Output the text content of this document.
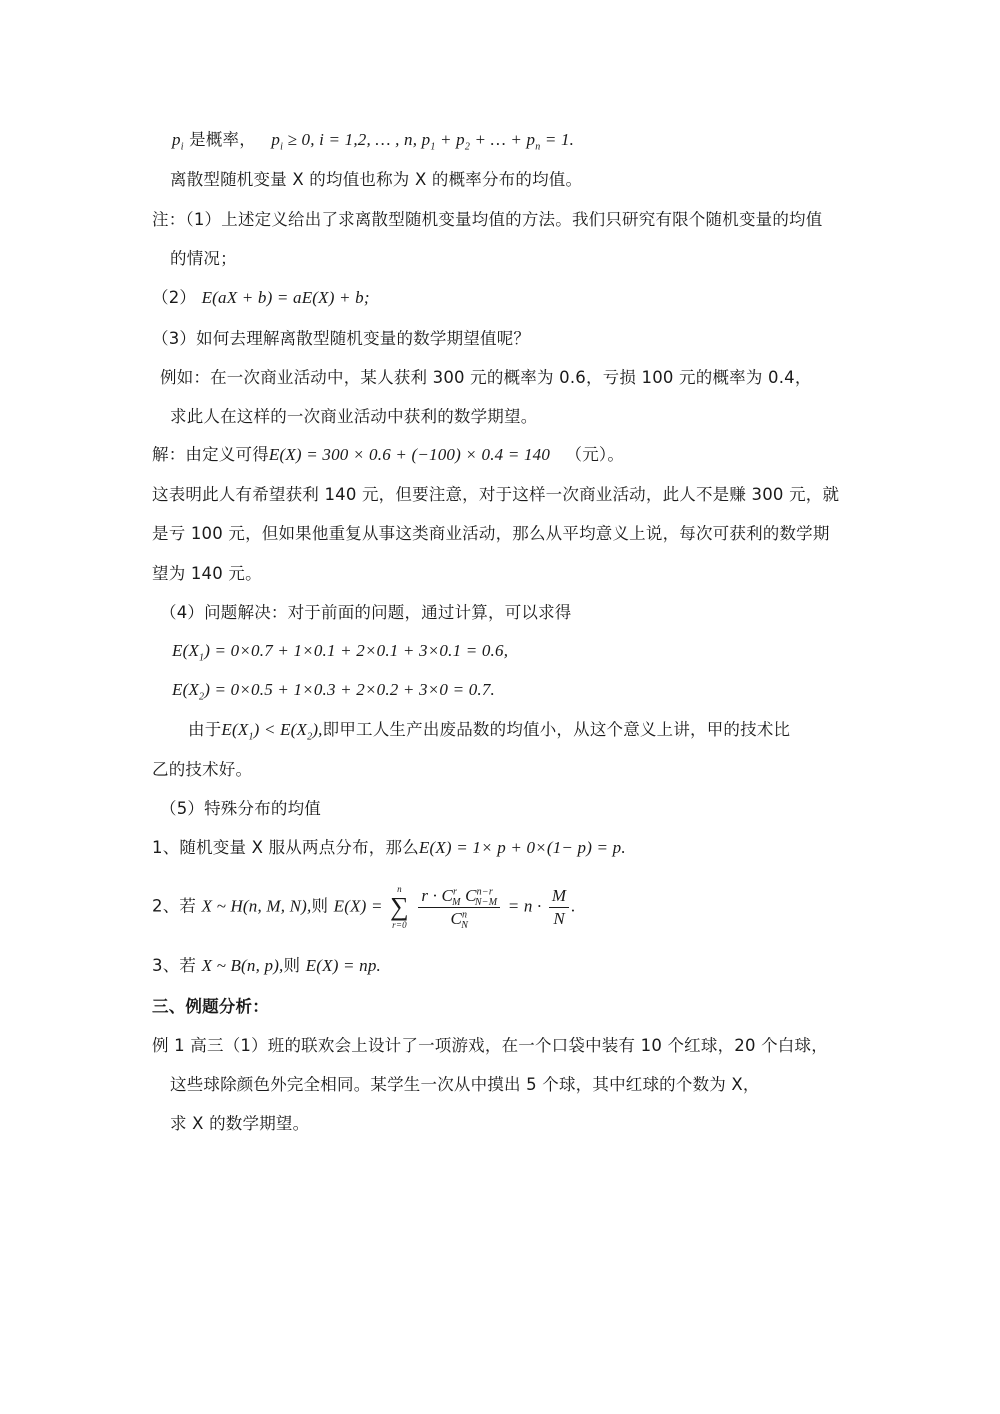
$p_i$ 是概率， $p_i \ge 0$, i = 1,2, … , n, $p_1 + p_2$ + … + $p_n = 1$.
离散型随机变量 X 的均值也称为 X 的概率分布的均值。
注：（1）上述定义给出了求离散型随机变量均值的方法。我们只研究有限个随机变量的均值
的情况；
（2） E(aX + b) = aE(X) + b;
（3）如何去理解离散型随机变量的数学期望值呢？
例如：在一次商业活动中，某人获利 300 元的概率为 0.6，亏损 100 元的概率为 0.4，
求此人在这样的一次商业活动中获利的数学期望。
解：由定义可得E(X) = 300 × 0.6 + (−100) × 0.4 = 140 （元）。
这表明此人有希望获利 140 元，但要注意，对于这样一次商业活动，此人不是赚 300 元，就
是亏 100 元，但如果他重复从事这类商业活动，那么从平均意义上说，每次可获利的数学期
望为 140 元。
（4）问题解决：对于前面的问题，通过计算，可以求得
$E(X_1) = 0\times 0.7 + 1\times 0.1 + 2\times 0.1 + 3\times 0.1 = 0.6$,
$E(X_2) = 0\times 0.5 + 1\times 0.3 + 2\times 0.2 + 3\times 0 = 0.7$.
由于$E(X_1) < E(X_2)$,即甲工人生产出废品数的均值小，从这个意义上讲，甲的技术比
乙的技术好。
（5）特殊分布的均值
1、随机变量 X 服从两点分布，那么E(X) = 1× p + 0×(1− p) = p.
2、若 X ~ H(n, M, N),则 E(X) =
n
∑
r=0
$\frac{r \cdot C^r_M C^{n-r}_{N-M}}{C^n_N} = n \cdot \frac{M}{N}$ .
3、若 X ~ B(n, p),则 E(X) = np.
三、例题分析：
例 1 高三（1）班的联欢会上设计了一项游戏，在一个口袋中装有 10 个红球，20 个白球，
这些球除颜色外完全相同。某学生一次从中摸出 5 个球，其中红球的个数为 X，
求 X 的数学期望。
